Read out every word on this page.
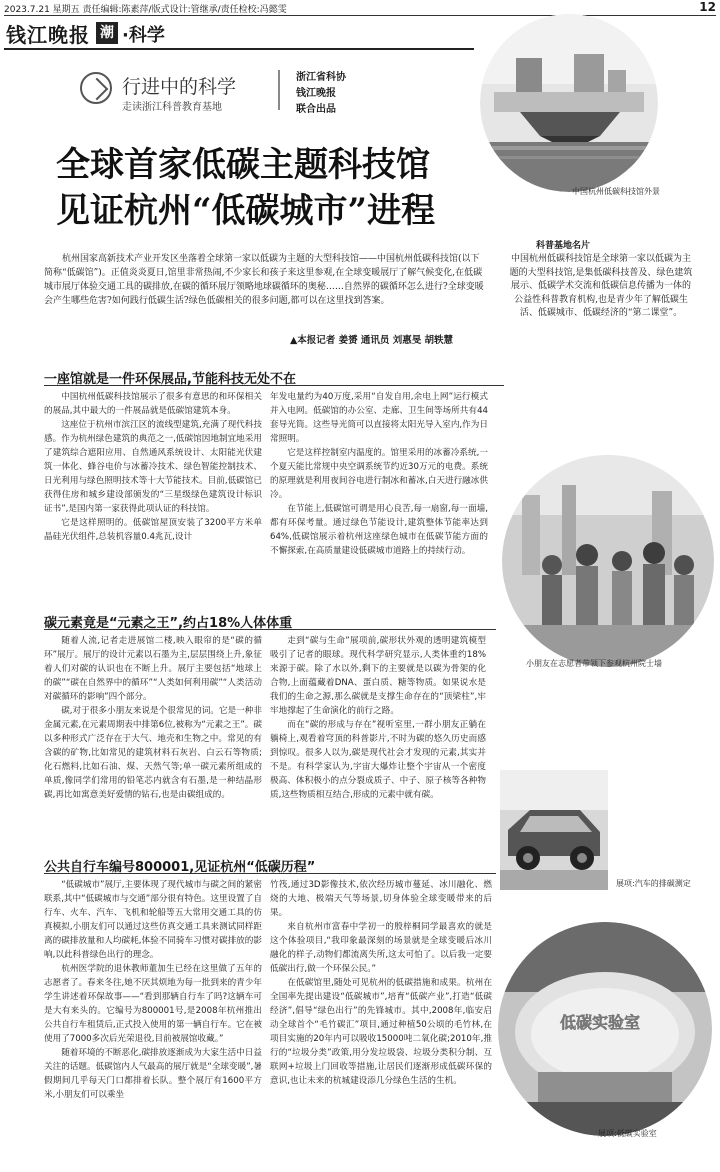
2023.7.21 星期五 责任编辑:陈素萍/版式设计:管继承/责任检校:冯懿雯	12
钱江晚报 潮 ·科学
行进中的科学
走读浙江科普教育基地
浙江省科协
钱江晚报
联合出品
全球首家低碳主题科技馆
见证杭州“低碳城市”进程

杭州国家高新技术产业开发区坐落着全球第一家以低碳为主题的大型科技馆——中国杭州低碳科技馆(以下简称“低碳馆”)。正值炎炎夏日,馆里非常热闹,不少家长和孩子来这里参观,在全球变暖展厅了解气候变化,在低碳城市展厅体验交通工具的碳排放,在碳的循环展厅领略地球碳循环的奥秘……自然界的碳循环怎么进行?全球变暖会产生哪些危害?如何践行低碳生活?绿色低碳相关的很多问题,都可以在这里找到答案。

▲本报记者 姜赟 通讯员 刘惠旻 胡轶慧
中国杭州低碳科技馆外景
科普基地名片
中国杭州低碳科技馆是全球第一家以低碳为主题的大型科技馆,是集低碳科技普及、绿色建筑展示、低碳学术交流和低碳信息传播为一体的公益性科普教育机构,也是青少年了解低碳生活、低碳城市、低碳经济的“第二课堂”。
一座馆就是一件环保展品,节能科技无处不在

中国杭州低碳科技馆展示了很多有意思的和环保相关的展品,其中最大的一件展品就是低碳馆建筑本身。

这座位于杭州市滨江区的流线型建筑,充满了现代科技感。作为杭州绿色建筑的典范之一,低碳馆因地制宜地采用了建筑综合遮阳应用、自然通风系统设计、太阳能光伏建筑一体化、蜂谷电价与冰蓄冷技术、绿色智能控制技术、日光利用与绿色照明技术等十大节能技术。目前,低碳馆已获得住房和城乡建设部颁发的“三星级绿色建筑设计标识证书”,是国内第一家获得此项认证的科技馆。

它是这样照明的。低碳馆屋顶安装了3200平方米单晶硅光伏组件,总装机容量0.4兆瓦,设计

年发电量约为40万度,采用“自发自用,余电上网”运行模式并入电网。低碳馆的办公室、走廊、卫生间等场所共有44套导光筒。这些导光筒可以直接将太阳光导入室内,作为日常照明。

它是这样控制室内温度的。馆里采用的冰蓄冷系统,一个夏天能比常规中央空调系统节约近30万元的电费。系统的原理就是利用夜间谷电进行制冰和蓄冰,白天进行融冰供冷。

在节能上,低碳馆可谓是用心良苦,每一扇窗,每一面墙,都有环保考量。通过绿色节能设计,建筑整体节能率达到64%,低碳馆展示着杭州这座绿色城市在低碳节能方面的不懈探索,在高质量建设低碳城市道路上的持续行动。

小朋友在志愿者带领下参观杭州院士墙
碳元素竟是“元素之王”,约占18%人体体重

随着人流,记者走进展馆二楼,映入眼帘的是“碳的循环”展厅。展厅的设计元素以石墨为主,层层围绕上升,象征着人们对碳的认识也在不断上升。展厅主要包括“地球上的碳”“碳在自然界中的循环”“人类如何利用碳”“人类活动对碳循环的影响”四个部分。

碳,对于很多小朋友来说是个很常见的词。它是一种非金属元素,在元素周期表中排第6位,被称为“元素之王”。碳以多种形式广泛存在于大气、地壳和生物之中。常见的有含碳的矿物,比如常见的建筑材料石灰岩、白云石等物质;化石燃料,比如石油、煤、天然气等;单一碳元素所组成的单质,像同学们常用的铅笔芯内就含有石墨,是一种结晶形碳,再比如寓意美好爱情的钻石,也是由碳组成的。

走到“碳与生命”展项前,碳形状外观的透明建筑模型吸引了记者的眼球。现代科学研究显示,人类体重约18%来源于碳。除了水以外,剩下的主要就是以碳为骨架的化合物,上面蕴藏着DNA、蛋白质、糖等物质。如果说水是我们的生命之源,那么碳就是支撑生命存在的“顶梁柱”,牢牢地撑起了生命演化的前行之路。

而在“碳的形成与存在”视听室里,一群小朋友正躺在躺椅上,观看着穹顶的科普影片,不时为碳的悠久历史而感到惊叹。很多人以为,碳是现代社会才发现的元素,其实并不是。有科学家认为,宇宙大爆炸让整个宇宙从一个密度极高、体积极小的点分裂成质子、中子、原子核等各种物质,这些物质相互结合,形成的元素中就有碳。

展项:汽车的排碳测定
公共自行车编号800001,见证杭州“低碳历程”

“低碳城市”展厅,主要体现了现代城市与碳之间的紧密联系,其中“低碳城市与交通”部分很有特色。这里设置了自行车、火车、汽车、飞机和轮船等五大常用交通工具的仿真模拟,小朋友们可以通过这些仿真交通工具来测试同样距离的碳排放量和人均碳耗,体验不同骑车习惯对碳排放的影响,以此科普绿色出行的理念。

杭州医学院的退休教师董加生已经在这里做了五年的志愿者了。春来冬往,她不厌其烦地为每一批到来的青少年学生讲述着环保故事——“看到那辆自行车了吗?这辆车可是大有来头的。它编号为800001号,是2008年杭州推出公共自行车租赁后,正式投入使用的第一辆自行车。它在被使用了7000多次后光荣退役,目前被展馆收藏。”

随着环境的不断恶化,碳排放逐渐成为大家生活中日益关注的话题。低碳馆内人气最高的展厅就是“全球变暖”,暑假期间几乎每天门口都排着长队。整个展厅有1600平方米,小朋友们可以乘坐

竹筏,通过3D影像技术,依次经历城市蔓延、冰川融化、燃烧的大地、极端天气等场景,切身体验全球变暖带来的后果。

来自杭州市富春中学初一的殷梓桐同学最喜欢的就是这个体验项目,“我印象最深刻的场景就是全球变暖后冰川融化的样子,动物们都流离失所,这太可怕了。以后我一定要低碳出行,做一个环保公民。”

在低碳馆里,随处可见杭州的低碳措施和成果。杭州在全国率先提出建设“低碳城市”,培育“低碳产业”,打造“低碳经济”,倡导“绿色出行”的先锋城市。其中,2008年,临安启动全球首个“毛竹碳汇”项目,通过种植50公顷的毛竹林,在项目实施的20年内可以吸收15000吨二氧化碳;2010年,推行的“垃圾分类”政策,用分发垃圾袋、垃圾分类积分制、互联网+垃圾上门回收等措施,让居民们逐渐形成低碳环保的意识,也让未来的杭城建设添几分绿色生活的生机。

低碳实验室
展项:低碳实验室
